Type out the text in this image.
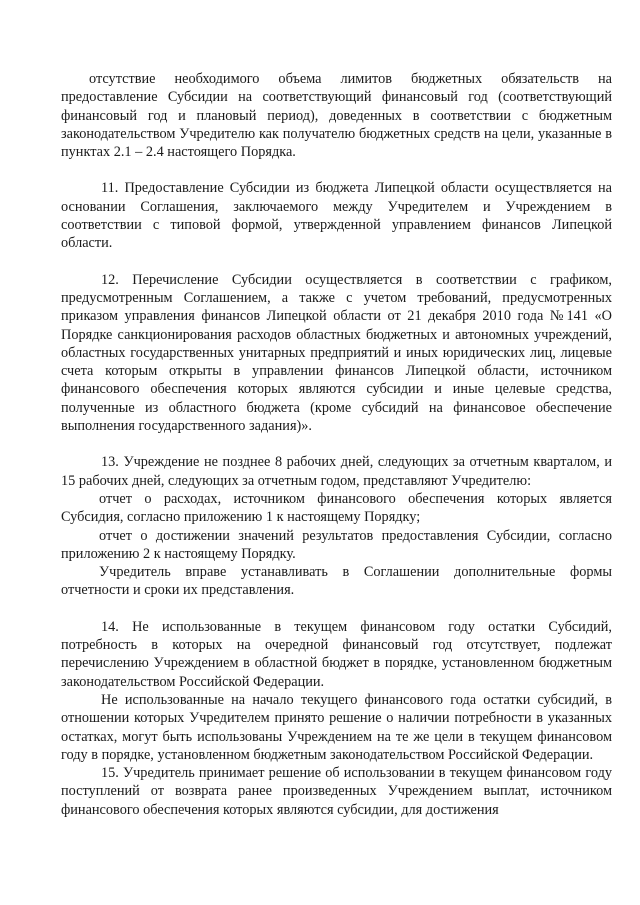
отсутствие необходимого объема лимитов бюджетных обязательств на предоставление Субсидии на соответствующий финансовый год (соответствующий финансовый год и плановый период), доведенных в соответствии с бюджетным законодательством Учредителю как получателю бюджетных средств на цели, указанные в пунктах 2.1 – 2.4 настоящего Порядка.

11. Предоставление Субсидии из бюджета Липецкой области осуществляется на основании Соглашения, заключаемого между Учредителем и Учреждением в соответствии с типовой формой, утвержденной управлением финансов Липецкой области.

12. Перечисление Субсидии осуществляется в соответствии с графиком, предусмотренным Соглашением, а также с учетом требований, предусмотренных приказом управления финансов Липецкой области от 21 декабря 2010 года №141 «О Порядке санкционирования расходов областных бюджетных и автономных учреждений, областных государственных унитарных предприятий и иных юридических лиц, лицевые счета которым открыты в управлении финансов Липецкой области, источником финансового обеспечения которых являются субсидии и иные целевые средства, полученные из областного бюджета (кроме субсидий на финансовое обеспечение выполнения государственного задания)».

13. Учреждение не позднее 8 рабочих дней, следующих за отчетным кварталом, и 15 рабочих дней, следующих за отчетным годом, представляют Учредителю:

отчет о расходах, источником финансового обеспечения которых является Субсидия, согласно приложению 1 к настоящему Порядку;

отчет о достижении значений результатов предоставления Субсидии, согласно приложению 2 к настоящему Порядку.

Учредитель вправе устанавливать в Соглашении дополнительные формы отчетности и сроки их представления.

14. Не использованные в текущем финансовом году остатки Субсидий, потребность в которых на очередной финансовый год отсутствует, подлежат перечислению Учреждением в областной бюджет в порядке, установленном бюджетным законодательством Российской Федерации.

Не использованные на начало текущего финансового года остатки субсидий, в отношении которых Учредителем принято решение о наличии потребности в указанных остатках, могут быть использованы Учреждением на те же цели в текущем финансовом году в порядке, установленном бюджетным законодательством Российской Федерации.

15. Учредитель принимает решение об использовании в текущем финансовом году поступлений от возврата ранее произведенных Учреждением выплат, источником финансового обеспечения которых являются субсидии, для достижения
